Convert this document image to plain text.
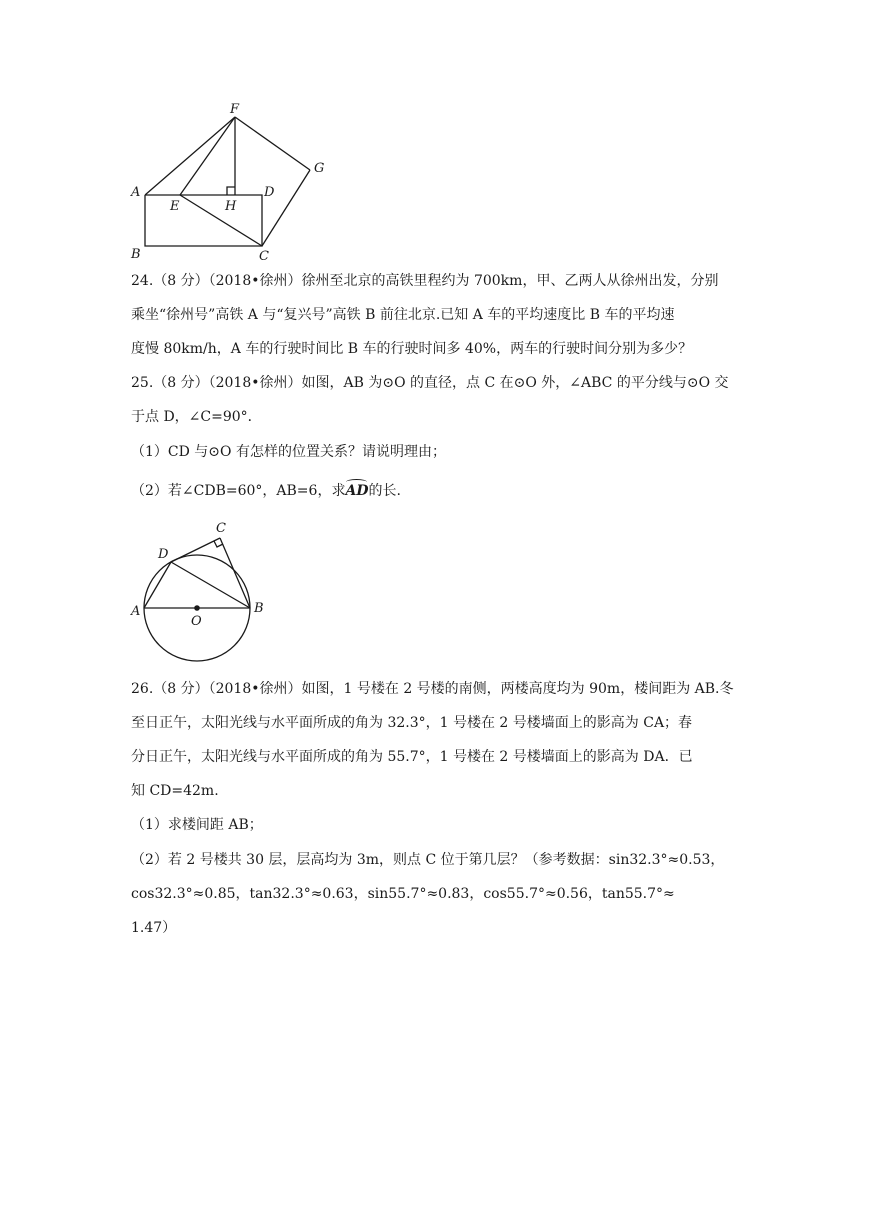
F
G
A
E	H
D
B	C

24.（8 分）（2018•徐州）徐州至北京的高铁里程约为 700km，甲、乙两人从徐州出发，分别

乘坐“徐州号”高铁 A 与“复兴号”高铁 B 前往北京.已知 A 车的平均速度比 B 车的平均速

度慢 80km/h，A 车的行驶时间比 B 车的行驶时间多 40%，两车的行驶时间分别为多少？

25.（8 分）（2018•徐州）如图，AB 为⊙O 的直径，点 C 在⊙O 外，∠ABC 的平分线与⊙O 交

于点 D，∠C=90°．

（1）CD 与⊙O 有怎样的位置关系？请说明理由；

（2）若∠CDB=60°，AB=6，求AD的长.

C
D
A	B
O

26.（8 分）（2018•徐州）如图，1 号楼在 2 号楼的南侧，两楼高度均为 90m，楼间距为 AB.冬

至日正午，太阳光线与水平面所成的角为 32.3°，1 号楼在 2 号楼墙面上的影高为 CA；春

分日正午，太阳光线与水平面所成的角为 55.7°，1 号楼在 2 号楼墙面上的影高为 DA．已

知 CD=42m.

（1）求楼间距 AB；

（2）若 2 号楼共 30 层，层高均为 3m，则点 C 位于第几层？（参考数据：sin32.3°≈0.53，

cos32.3°≈0.85，tan32.3°≈0.63，sin55.7°≈0.83，cos55.7°≈0.56，tan55.7°≈

1.47）
